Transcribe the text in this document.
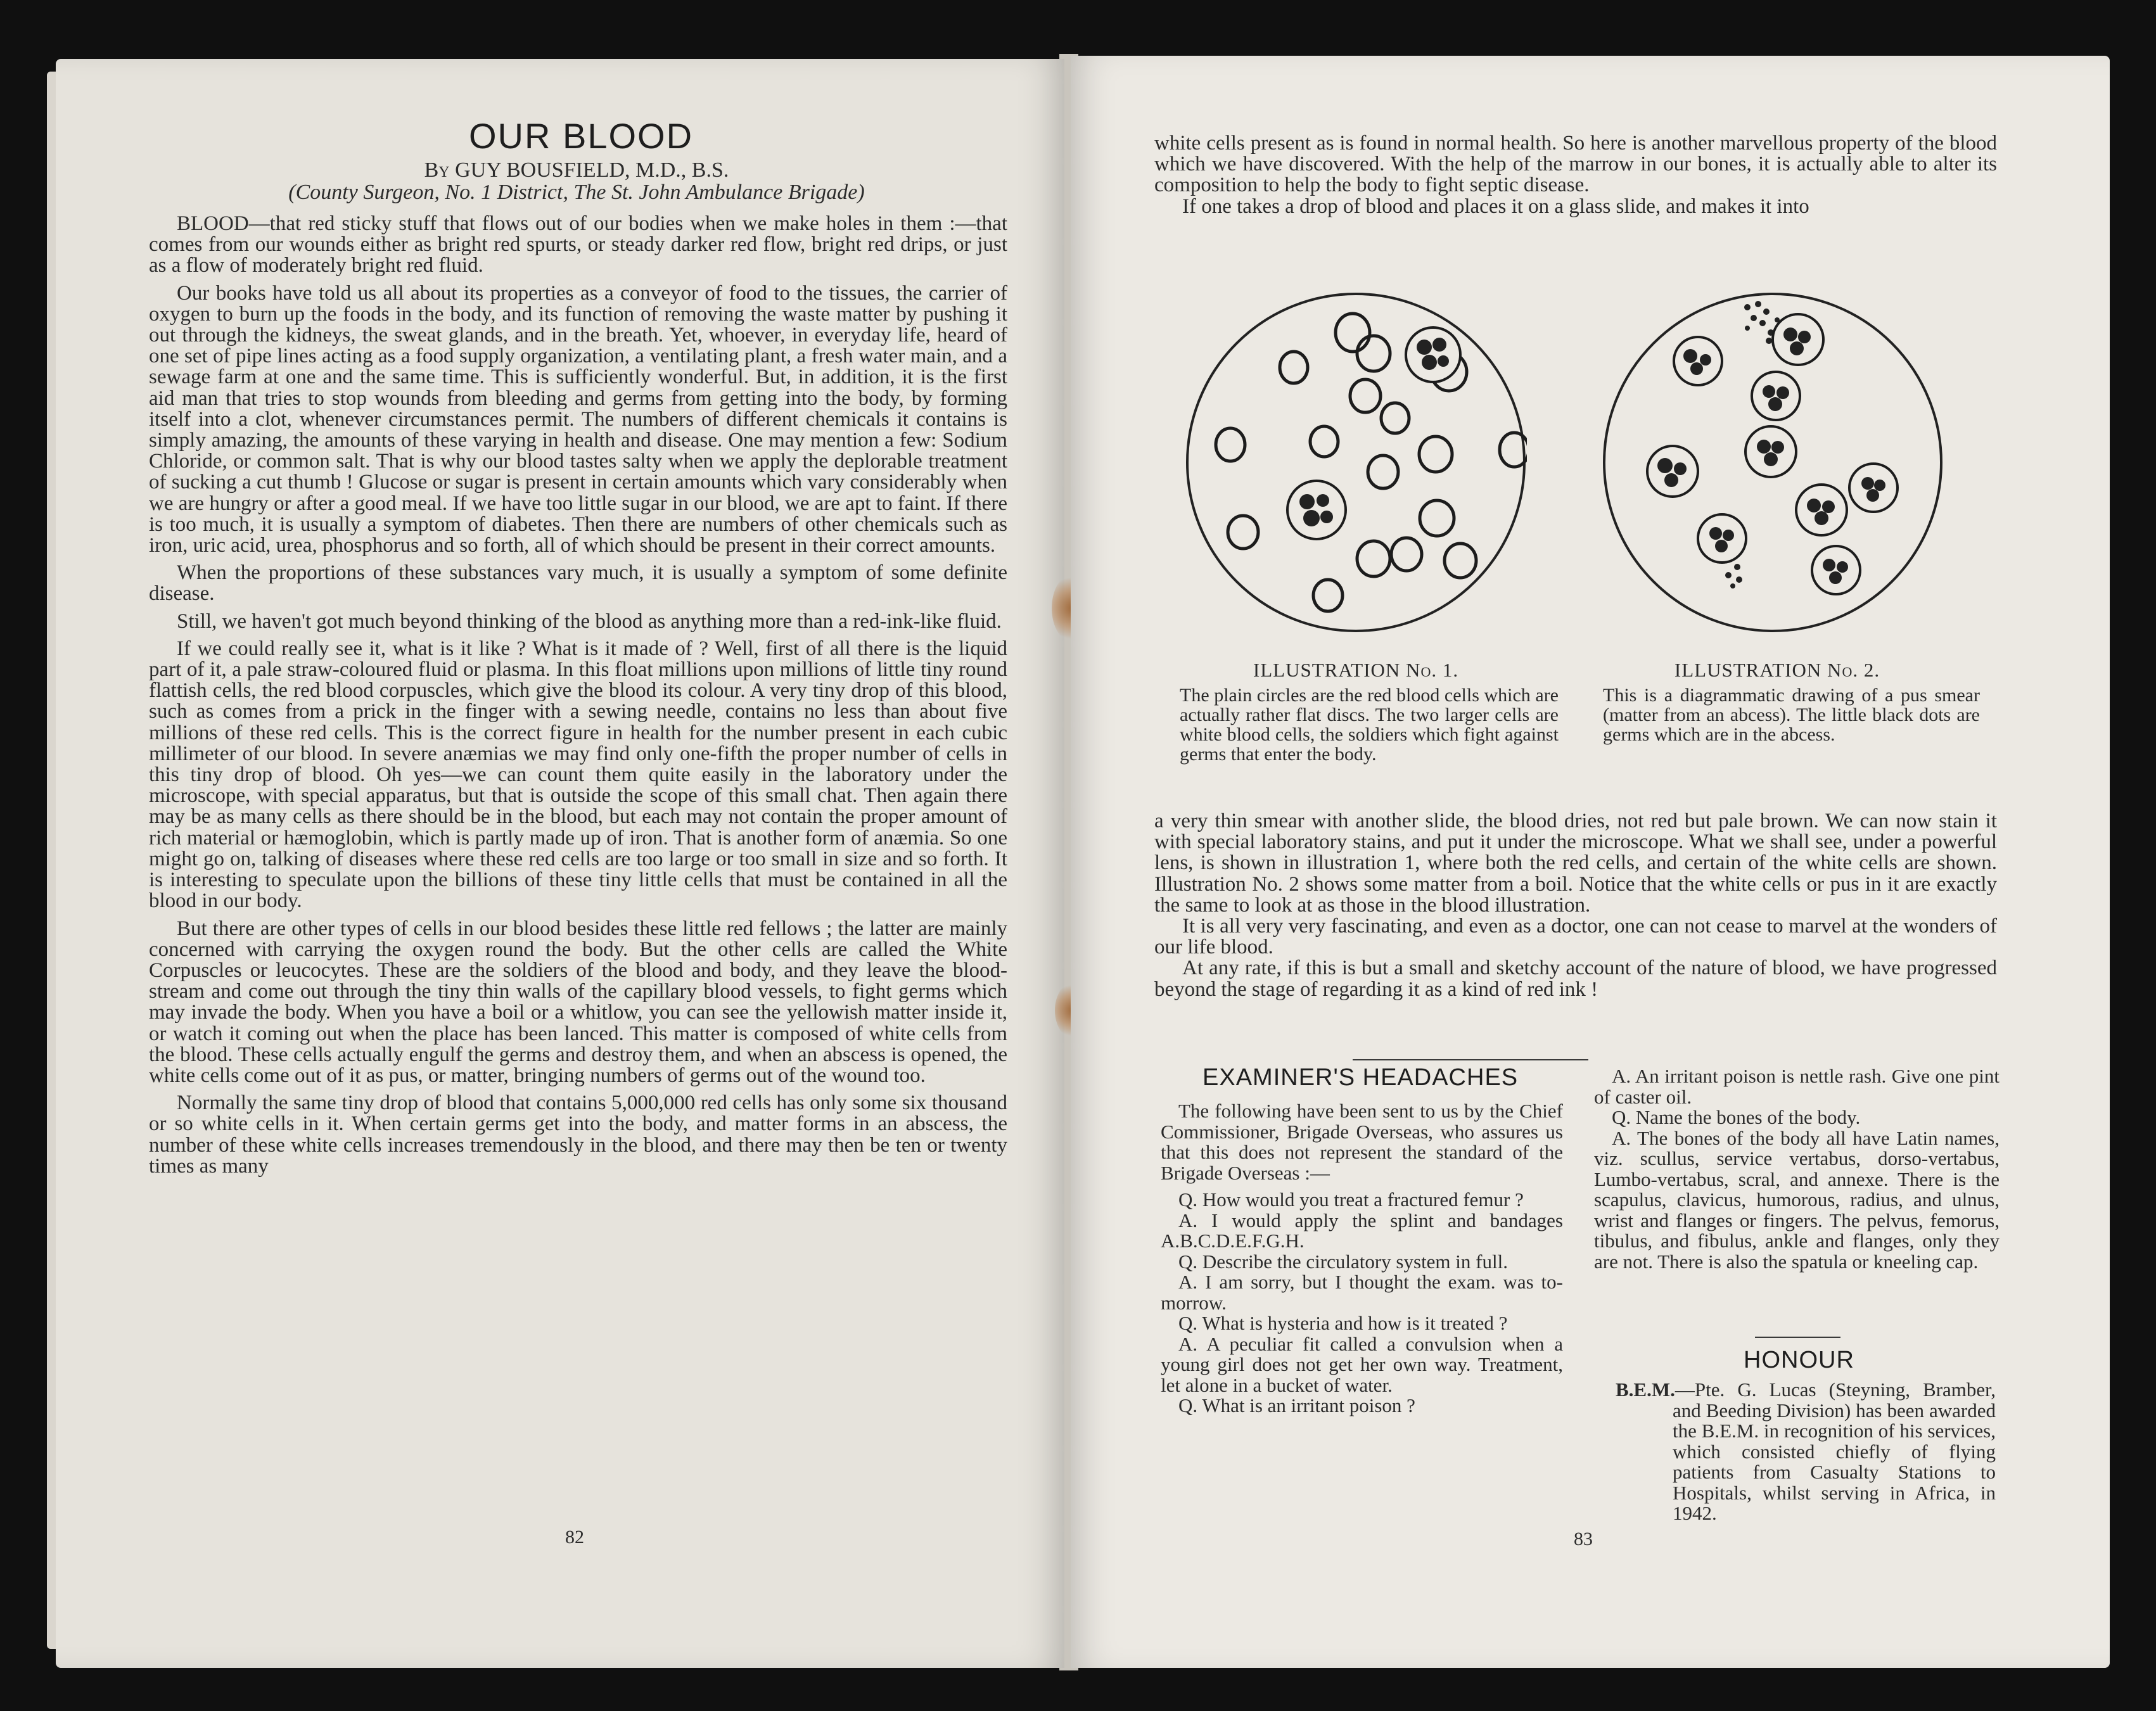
OUR BLOOD
By GUY BOUSFIELD, M.D., B.S.
(County Surgeon, No. 1 District, The St. John Ambulance Brigade)

BLOOD—that red sticky stuff that flows out of our bodies when we make holes in them :—that comes from our wounds either as bright red spurts, or steady darker red flow, bright red drips, or just as a flow of moderately bright red fluid.

Our books have told us all about its properties as a conveyor of food to the tissues, the carrier of oxygen to burn up the foods in the body, and its function of removing the waste matter by pushing it out through the kidneys, the sweat glands, and in the breath. Yet, whoever, in everyday life, heard of one set of pipe lines acting as a food supply organization, a ventilating plant, a fresh water main, and a sewage farm at one and the same time. This is sufficiently wonderful. But, in addition, it is the first aid man that tries to stop wounds from bleeding and germs from getting into the body, by forming itself into a clot, whenever circumstances permit. The numbers of different chemicals it contains is simply amazing, the amounts of these varying in health and disease. One may mention a few: Sodium Chloride, or common salt. That is why our blood tastes salty when we apply the deplorable treatment of sucking a cut thumb ! Glucose or sugar is present in certain amounts which vary considerably when we are hungry or after a good meal. If we have too little sugar in our blood, we are apt to faint. If there is too much, it is usually a symptom of diabetes. Then there are numbers of other chemicals such as iron, uric acid, urea, phosphorus and so forth, all of which should be present in their correct amounts.

When the proportions of these substances vary much, it is usually a symptom of some definite disease.

Still, we haven't got much beyond thinking of the blood as anything more than a red-ink-like fluid.

If we could really see it, what is it like ? What is it made of ? Well, first of all there is the liquid part of it, a pale straw-coloured fluid or plasma. In this float millions upon millions of little tiny round flattish cells, the red blood corpuscles, which give the blood its colour. A very tiny drop of this blood, such as comes from a prick in the finger with a sewing needle, contains no less than about five millions of these red cells. This is the correct figure in health for the number present in each cubic millimeter of our blood. In severe anæmias we may find only one-fifth the proper number of cells in this tiny drop of blood. Oh yes—we can count them quite easily in the laboratory under the microscope, with special apparatus, but that is outside the scope of this small chat. Then again there may be as many cells as there should be in the blood, but each may not contain the proper amount of rich material or hæmoglobin, which is partly made up of iron. That is another form of anæmia. So one might go on, talking of diseases where these red cells are too large or too small in size and so forth. It is interesting to speculate upon the billions of these tiny little cells that must be contained in all the blood in our body.

But there are other types of cells in our blood besides these little red fellows ; the latter are mainly concerned with carrying the oxygen round the body. But the other cells are called the White Corpuscles or leucocytes. These are the soldiers of the blood and body, and they leave the blood-stream and come out through the tiny thin walls of the capillary blood vessels, to fight germs which may invade the body. When you have a boil or a whitlow, you can see the yellowish matter inside it, or watch it coming out when the place has been lanced. This matter is composed of white cells from the blood. These cells actually engulf the germs and destroy them, and when an abscess is opened, the white cells come out of it as pus, or matter, bringing numbers of germs out of the wound too.

Normally the same tiny drop of blood that contains 5,000,000 red cells has only some six thousand or so white cells in it. When certain germs get into the body, and matter forms in an abscess, the number of these white cells increases tremendously in the blood, and there may then be ten or twenty times as many

82

white cells present as is found in normal health. So here is another marvellous property of the blood which we have discovered. With the help of the marrow in our bones, it is actually able to alter its composition to help the body to fight septic disease.

If one takes a drop of blood and places it on a glass slide, and makes it into

ILLUSTRATION No. 1.
The plain circles are the red blood cells which are actually rather flat discs. The two larger cells are white blood cells, the soldiers which fight against germs that enter the body.
ILLUSTRATION No. 2.
This is a diagrammatic drawing of a pus smear (matter from an abcess). The little black dots are germs which are in the abcess.

a very thin smear with another slide, the blood dries, not red but pale brown. We can now stain it with special laboratory stains, and put it under the microscope. What we shall see, under a powerful lens, is shown in illustration 1, where both the red cells, and certain of the white cells are shown. Illustration No. 2 shows some matter from a boil. Notice that the white cells or pus in it are exactly the same to look at as those in the blood illustration.

It is all very very fascinating, and even as a doctor, one can not cease to marvel at the wonders of our life blood.

At any rate, if this is but a small and sketchy account of the nature of blood, we have progressed beyond the stage of regarding it as a kind of red ink !

EXAMINER'S HEADACHES

The following have been sent to us by the Chief Commissioner, Brigade Overseas, who assures us that this does not represent the standard of the Brigade Overseas :—

Q. How would you treat a fractured femur ?

A. I would apply the splint and bandages A.B.C.D.E.F.G.H.

Q. Describe the circulatory system in full.

A. I am sorry, but I thought the exam. was to-morrow.

Q. What is hysteria and how is it treated ?

A. A peculiar fit called a convulsion when a young girl does not get her own way. Treatment, let alone in a bucket of water.

Q. What is an irritant poison ?

A. An irritant poison is nettle rash. Give one pint of caster oil.

Q. Name the bones of the body.

A. The bones of the body all have Latin names, viz. scullus, service vertabus, dorso-vertabus, Lumbo-vertabus, scral, and annexe. There is the scapulus, clavicus, humorous, radius, and ulnus, wrist and flanges or fingers. The pelvus, femorus, tibulus, and fibulus, ankle and flanges, only they are not. There is also the spatula or kneeling cap.

HONOUR

B.E.M.—Pte. G. Lucas (Steyning, Bramber, and Beeding Division) has been awarded the B.E.M. in recognition of his services, which consisted chiefly of flying patients from Casualty Stations to Hospitals, whilst serving in Africa, in 1942.

83
